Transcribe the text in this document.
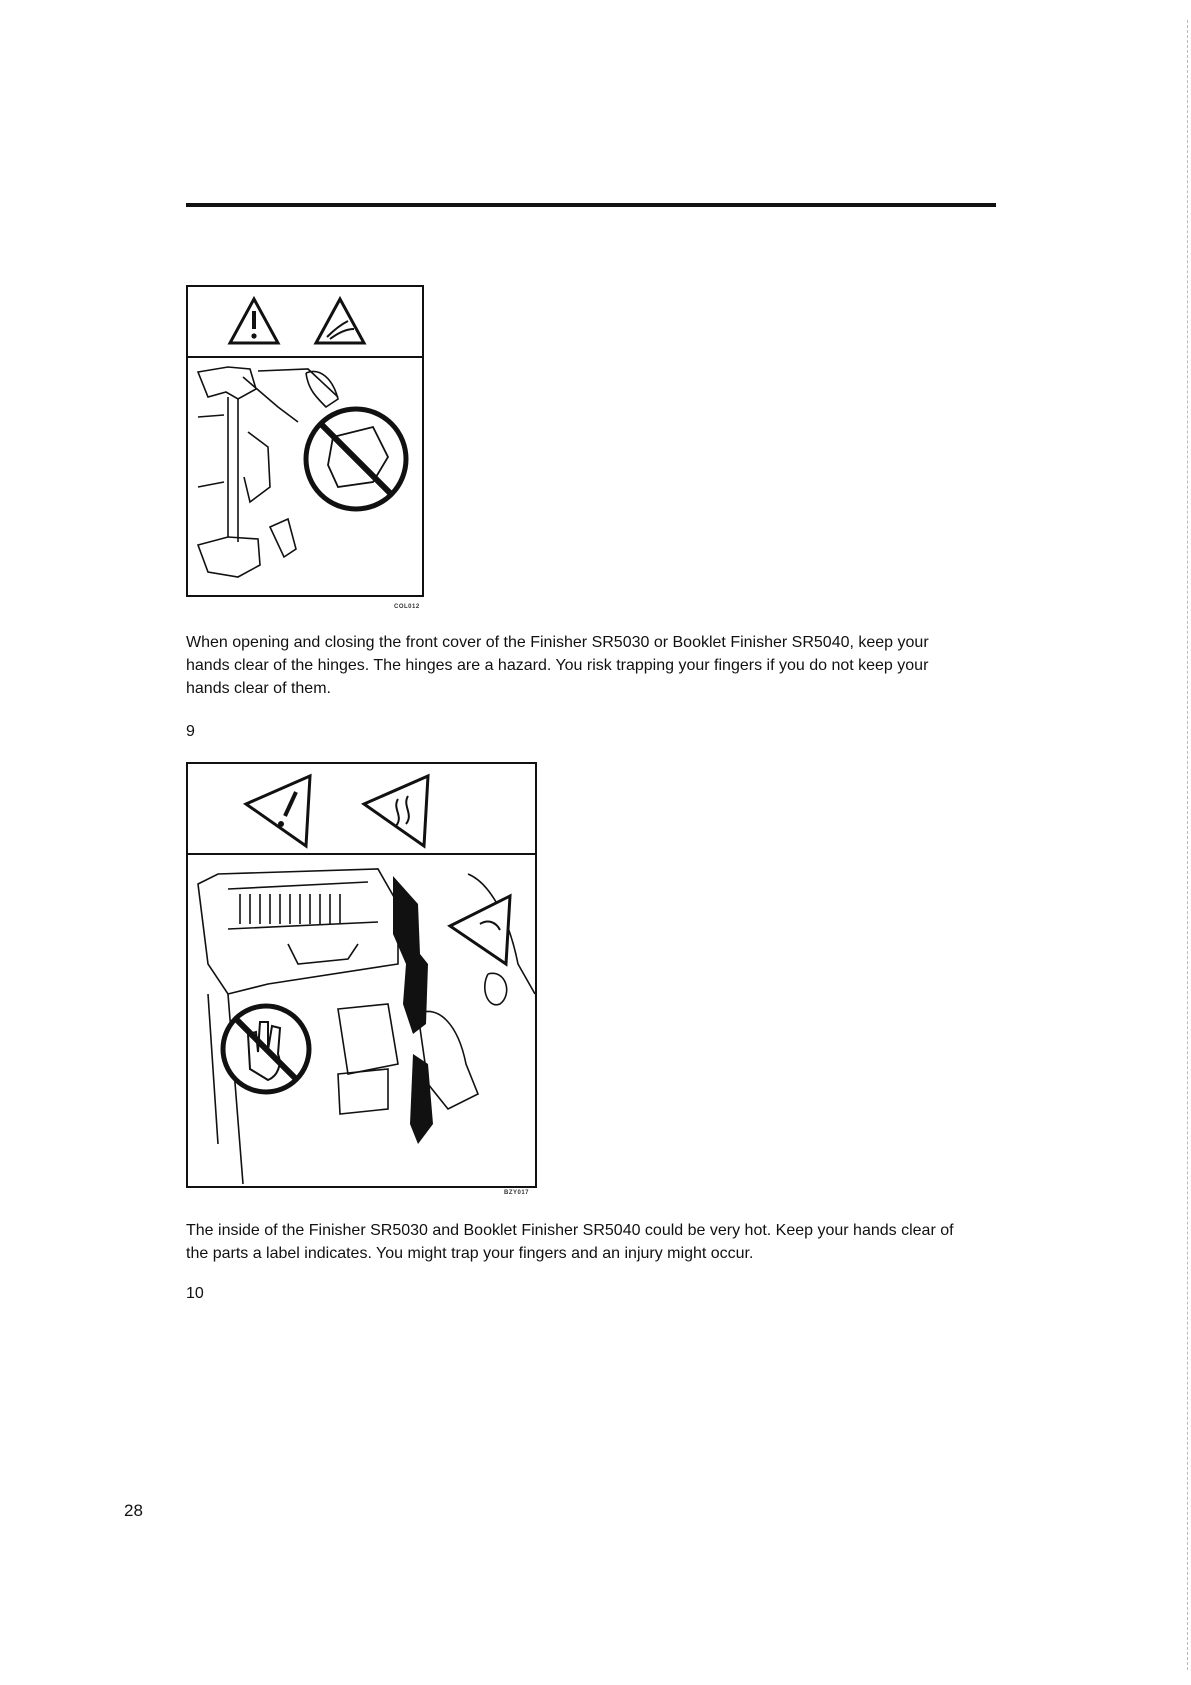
COL012

When opening and closing the front cover of the Finisher SR5030 or Booklet Finisher SR5040, keep your hands clear of the hinges. The hinges are a hazard. You risk trapping your fingers if you do not keep your hands clear of them.

9
BZY017

The inside of the Finisher SR5030 and Booklet Finisher SR5040 could be very hot. Keep your hands clear of the parts a label indicates. You might trap your fingers and an injury might occur.

10
28
